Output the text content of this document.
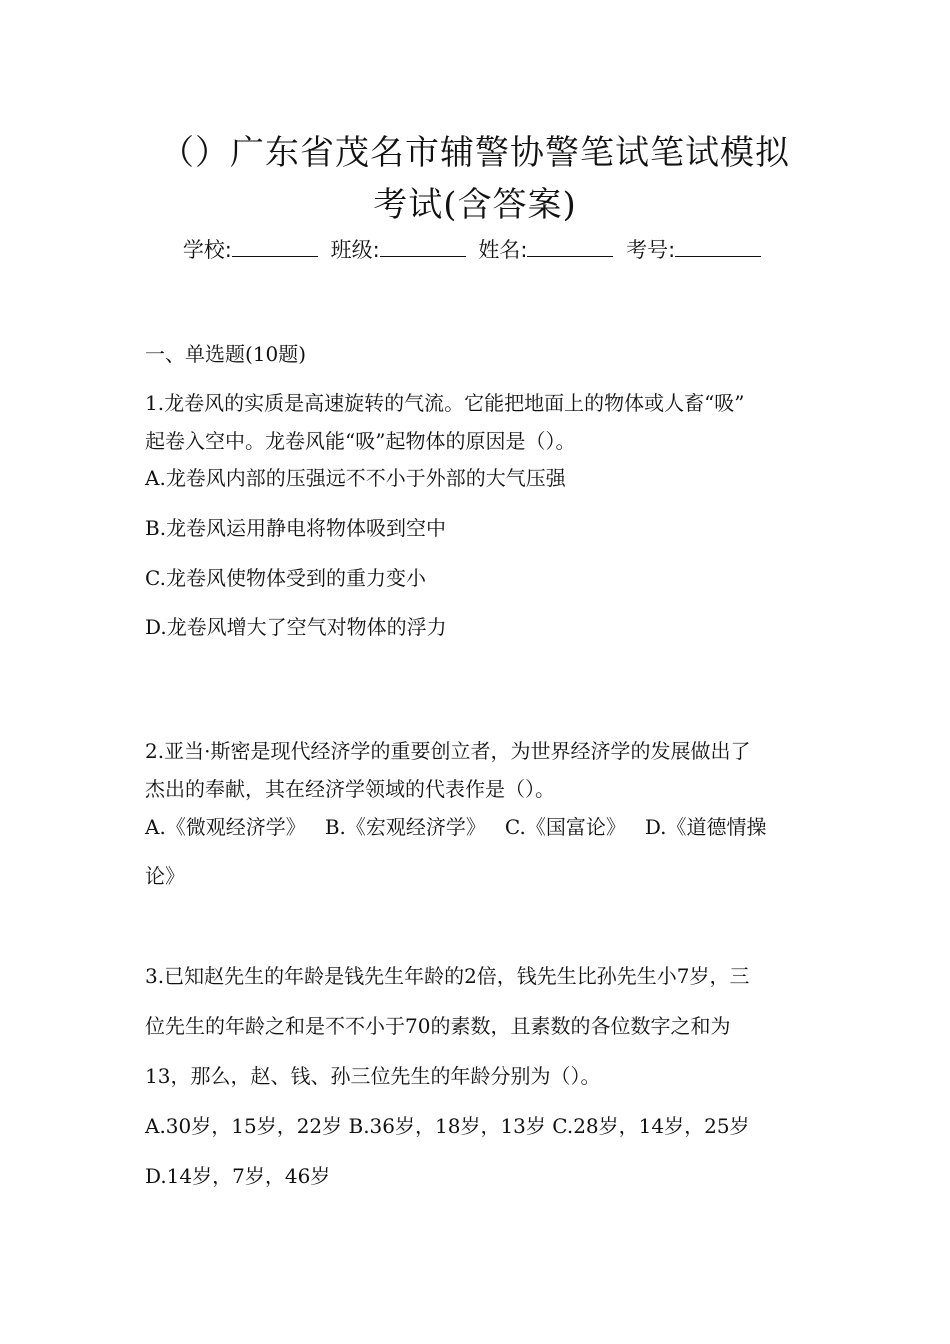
（）广东省茂名市辅警协警笔试笔试模拟
考试(含答案)
学校:	班级:	姓名:	考号:
一、单选题(10题)
1.龙卷风的实质是高速旋转的气流。它能把地面上的物体或人畜“吸”
起卷入空中。龙卷风能“吸”起物体的原因是（）。
A.龙卷风内部的压强远不不小于外部的大气压强
B.龙卷风运用静电将物体吸到空中
C.龙卷风使物体受到的重力变小
D.龙卷风增大了空气对物体的浮力
2.亚当·斯密是现代经济学的重要创立者，为世界经济学的发展做出了
杰出的奉献，其在经济学领域的代表作是（）。
A.《微观经济学》 B.《宏观经济学》 C.《国富论》 D.《道德情操
论》
3.已知赵先生的年龄是钱先生年龄的2倍，钱先生比孙先生小7岁，三
位先生的年龄之和是不不小于70的素数，且素数的各位数字之和为
13，那么，赵、钱、孙三位先生的年龄分别为（）。
A.30岁，15岁，22岁 B.36岁，18岁，13岁 C.28岁，14岁，25岁
D.14岁，7岁，46岁
